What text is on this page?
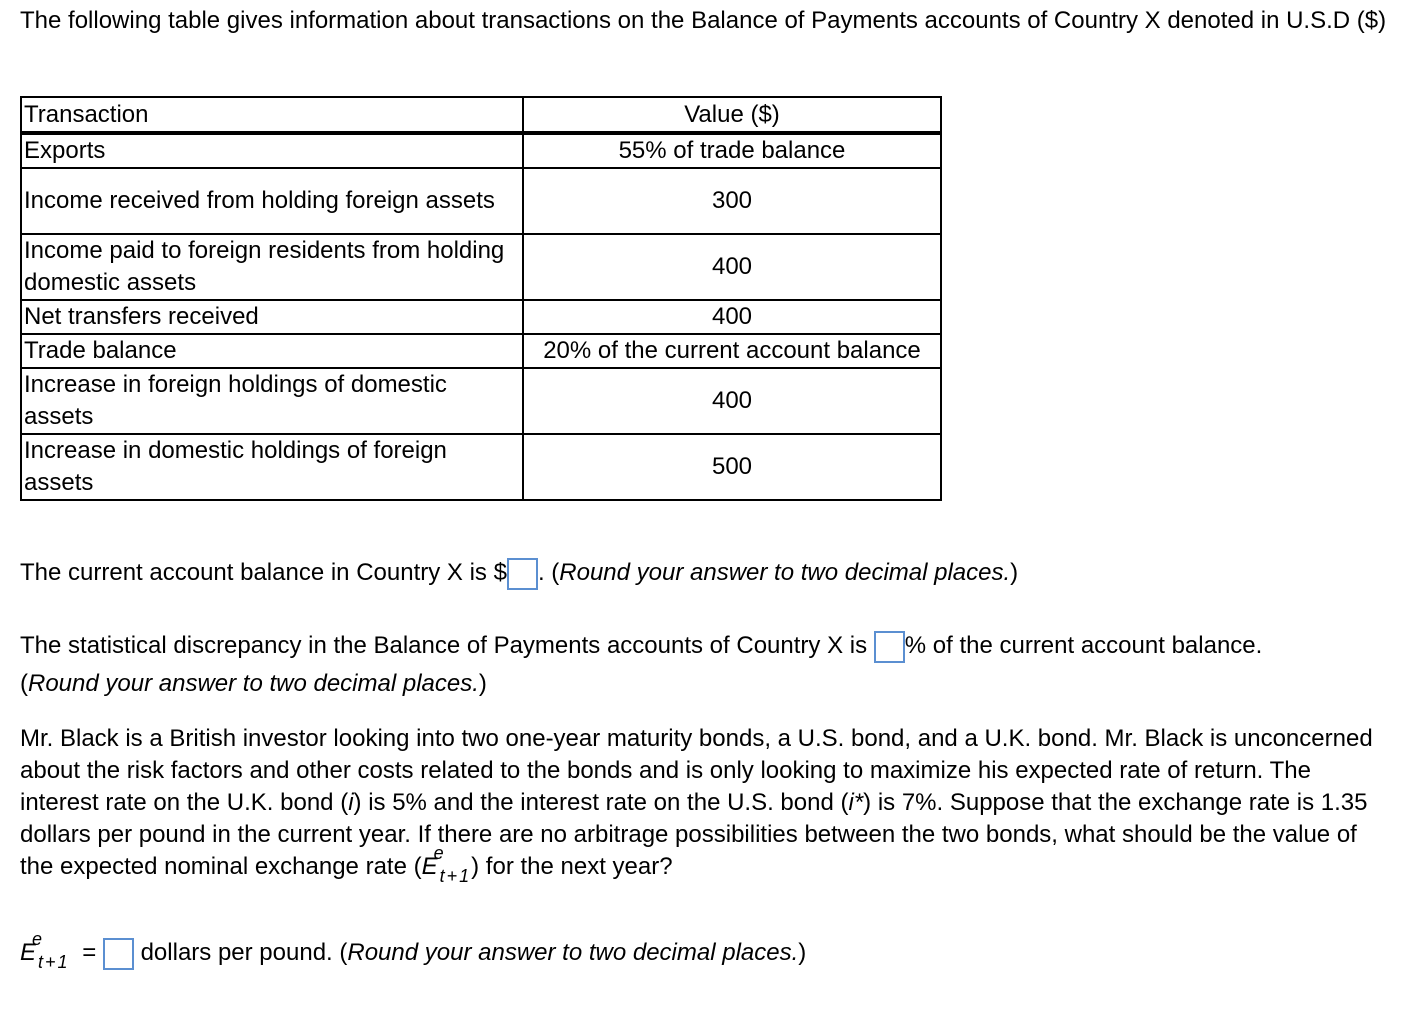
The following table gives information about transactions on the Balance of Payments accounts of Country X denoted in U.S.D ($)

Transaction	Value ($)
Exports	55% of trade balance
Income received from holding foreign assets	300
Income paid to foreign residents from holding domestic assets	400
Net transfers received	400
Trade balance	20% of the current account balance
Increase in foreign holdings of domestic assets	400
Increase in domestic holdings of foreign assets	500

The current account balance in Country X is $ . (Round your answer to two decimal places.)

The statistical discrepancy in the Balance of Payments accounts of Country X is % of the current account balance.
(Round your answer to two decimal places.)

Mr. Black is a British investor looking into two one-year maturity bonds, a U.S. bond, and a U.K. bond. Mr. Black is unconcerned about the risk factors and other costs related to the bonds and is only looking to maximize his expected rate of return. The interest rate on the U.K. bond (i) is 5% and the interest rate on the U.S. bond (i*) is 7%. Suppose that the exchange rate is 1.35 dollars per pound in the current year. If there are no arbitrage possibilities between the two bonds, what should be the value of the expected nominal exchange rate (E
e
$_{t+1}$) for the next year?

E
e
$_{t+1}$ = dollars per pound. (Round your answer to two decimal places.)
